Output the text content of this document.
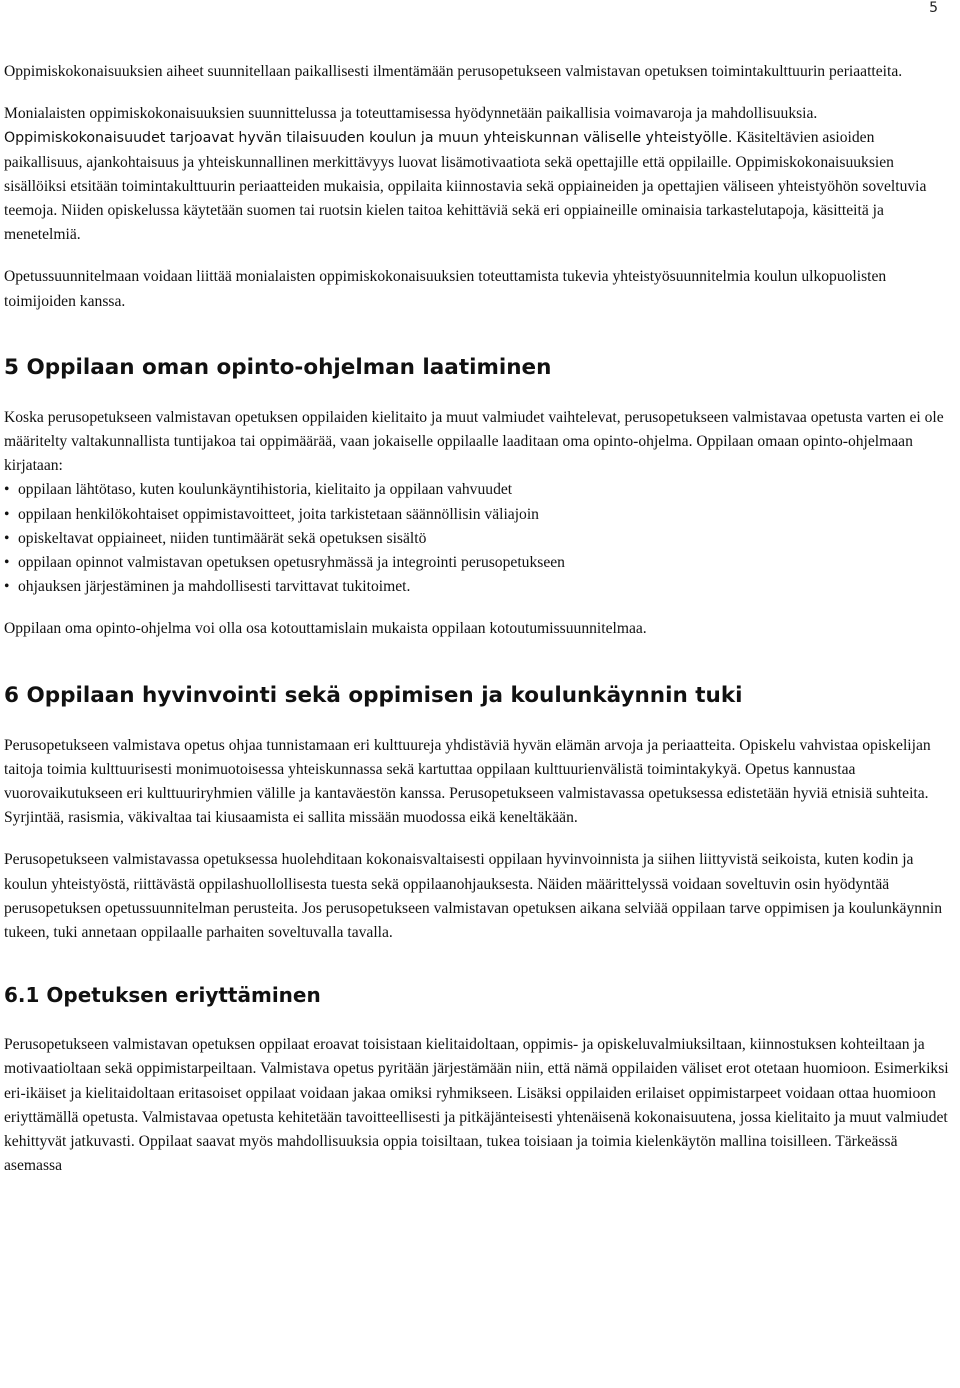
5

Oppimiskokonaisuuksien aiheet suunnitellaan paikallisesti ilmentämään perusopetukseen valmistavan opetuksen toimintakulttuurin periaatteita.

Monialaisten oppimiskokonaisuuksien suunnittelussa ja toteuttamisessa hyödynnetään paikallisia voimavaroja ja mahdollisuuksia. Oppimiskokonaisuudet tarjoavat hyvän tilaisuuden koulun ja muun yhteiskunnan väliselle yhteistyölle. Käsiteltävien asioiden paikallisuus, ajankohtaisuus ja yhteiskunnallinen merkittävyys luovat lisämotivaatiota sekä opettajille että oppilaille. Oppimiskokonaisuuksien sisällöiksi etsitään toimintakulttuurin periaatteiden mukaisia, oppilaita kiinnostavia sekä oppiaineiden ja opettajien väliseen yhteistyöhön soveltuvia teemoja. Niiden opiskelussa käytetään suomen tai ruotsin kielen taitoa kehittäviä sekä eri oppiaineille ominaisia tarkastelutapoja, käsitteitä ja menetelmiä.

Opetussuunnitelmaan voidaan liittää monialaisten oppimiskokonaisuuksien toteuttamista tukevia yhteistyösuunnitelmia koulun ulkopuolisten toimijoiden kanssa.

5 Oppilaan oman opinto-ohjelman laatiminen

Koska perusopetukseen valmistavan opetuksen oppilaiden kielitaito ja muut valmiudet vaihtelevat, perusopetukseen valmistavaa opetusta varten ei ole määritelty valtakunnallista tuntijakoa tai oppimäärää, vaan jokaiselle oppilaalle laaditaan oma opinto-ohjelma. Oppilaan omaan opinto-ohjelmaan kirjataan:

• oppilaan lähtötaso, kuten koulunkäyntihistoria, kielitaito ja oppilaan vahvuudet
• oppilaan henkilökohtaiset oppimistavoitteet, joita tarkistetaan säännöllisin väliajoin
• opiskeltavat oppiaineet, niiden tuntimäärät sekä opetuksen sisältö
• oppilaan opinnot valmistavan opetuksen opetusryhmässä ja integrointi perusopetukseen
• ohjauksen järjestäminen ja mahdollisesti tarvittavat tukitoimet.

Oppilaan oma opinto-ohjelma voi olla osa kotouttamislain mukaista oppilaan kotoutumissuunnitelmaa.

6 Oppilaan hyvinvointi sekä oppimisen ja koulunkäynnin tuki

Perusopetukseen valmistava opetus ohjaa tunnistamaan eri kulttuureja yhdistäviä hyvän elämän arvoja ja periaatteita. Opiskelu vahvistaa opiskelijan taitoja toimia kulttuurisesti monimuotoisessa yhteiskunnassa sekä kartuttaa oppilaan kulttuurienvälistä toimintakykyä. Opetus kannustaa vuorovaikutukseen eri kulttuuriryhmien välille ja kantaväestön kanssa. Perusopetukseen valmistavassa opetuksessa edistetään hyviä etnisiä suhteita. Syrjintää, rasismia, väkivaltaa tai kiusaamista ei sallita missään muodossa eikä keneltäkään.

Perusopetukseen valmistavassa opetuksessa huolehditaan kokonaisvaltaisesti oppilaan hyvinvoinnista ja siihen liittyvistä seikoista, kuten kodin ja koulun yhteistyöstä, riittävästä oppilashuollollisesta tuesta sekä oppilaanohjauksesta. Näiden määrittelyssä voidaan soveltuvin osin hyödyntää perusopetuksen opetussuunnitelman perusteita. Jos perusopetukseen valmistavan opetuksen aikana selviää oppilaan tarve oppimisen ja koulunkäynnin tukeen, tuki annetaan oppilaalle parhaiten soveltuvalla tavalla.

6.1 Opetuksen eriyttäminen

Perusopetukseen valmistavan opetuksen oppilaat eroavat toisistaan kielitaidoltaan, oppimis- ja opiskeluvalmiuksiltaan, kiinnostuksen kohteiltaan ja motivaatioltaan sekä oppimistarpeiltaan. Valmistava opetus pyritään järjestämään niin, että nämä oppilaiden väliset erot otetaan huomioon. Esimerkiksi eri-ikäiset ja kielitaidoltaan eritasoiset oppilaat voidaan jakaa omiksi ryhmikseen. Lisäksi oppilaiden erilaiset oppimistarpeet voidaan ottaa huomioon eriyttämällä opetusta. Valmistavaa opetusta kehitetään tavoitteellisesti ja pitkäjänteisesti yhtenäisenä kokonaisuutena, jossa kielitaito ja muut valmiudet kehittyvät jatkuvasti. Oppilaat saavat myös mahdollisuuksia oppia toisiltaan, tukea toisiaan ja toimia kielenkäytön mallina toisilleen. Tärkeässä asemassa
